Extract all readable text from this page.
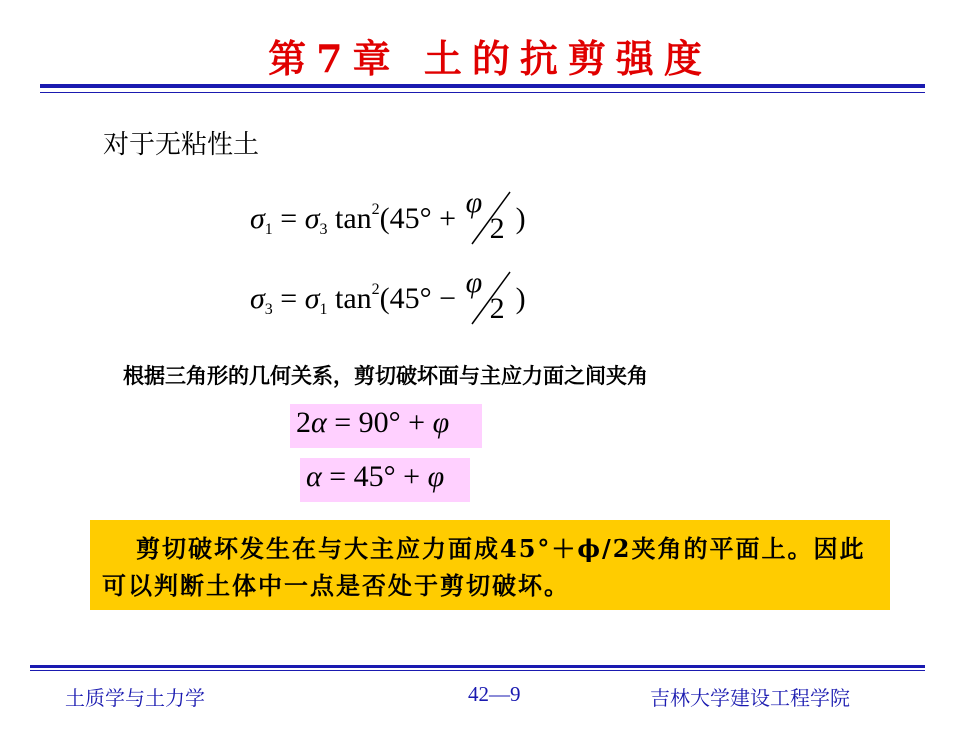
第7章 土的抗剪强度
对于无粘性土
$\sigma_1 = \sigma_3$ $\tan^2(45^\circ + \varphi$
2 )
$\sigma_3 = \sigma_1$ $\tan^2(45^\circ - \varphi$
2 )
根据三角形的几何关系，剪切破坏面与主应力面之间夹角
2α = 90° + φ
α = 45° + φ
剪切破坏发生在与大主应力面成45°＋ϕ/2夹角的平面上。因此可以判断土体中一点是否处于剪切破坏。
土质学与土力学	42—9	吉林大学建设工程学院
